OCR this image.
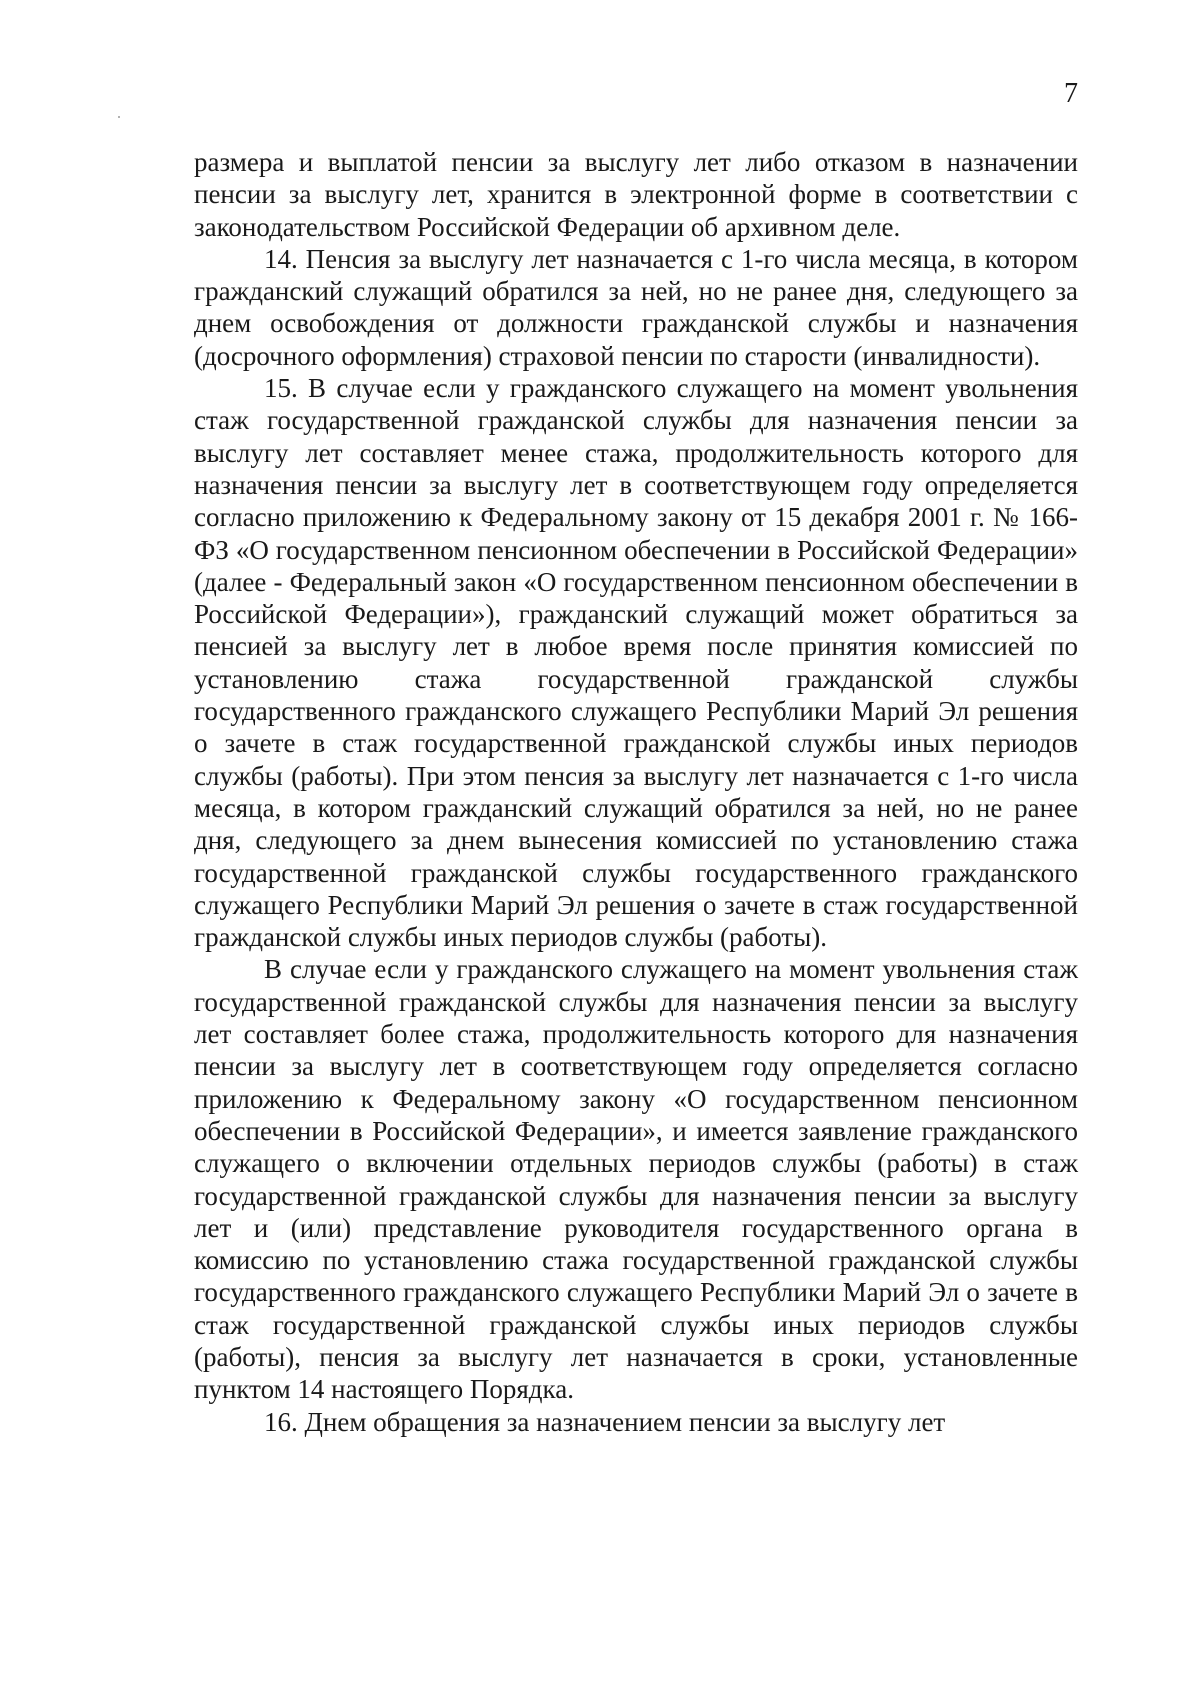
7

размера и выплатой пенсии за выслугу лет либо отказом в назначении пенсии за выслугу лет, хранится в электронной форме в соответствии с законодательством Российской Федерации об архивном деле.

14. Пенсия за выслугу лет назначается с 1-го числа месяца, в котором гражданский служащий обратился за ней, но не ранее дня, следующего за днем освобождения от должности гражданской службы и назначения (досрочного оформления) страховой пенсии по старости (инвалидности).

15. В случае если у гражданского служащего на момент увольнения стаж государственной гражданской службы для назначения пенсии за выслугу лет составляет менее стажа, продолжительность которого для назначения пенсии за выслугу лет в соответствующем году определяется согласно приложению к Федеральному закону от 15 декабря 2001 г. № 166-ФЗ «О государственном пенсионном обеспечении в Российской Федерации» (далее - Федеральный закон «О государственном пенсионном обеспечении в Российской Федерации»), гражданский служащий может обратиться за пенсией за выслугу лет в любое время после принятия комиссией по установлению стажа государственной гражданской службы государственного гражданского служащего Республики Марий Эл решения о зачете в стаж государственной гражданской службы иных периодов службы (работы). При этом пенсия за выслугу лет назначается с 1-го числа месяца, в котором гражданский служащий обратился за ней, но не ранее дня, следующего за днем вынесения комиссией по установлению стажа государственной гражданской службы государственного гражданского служащего Республики Марий Эл решения о зачете в стаж государственной гражданской службы иных периодов службы (работы).

В случае если у гражданского служащего на момент увольнения стаж государственной гражданской службы для назначения пенсии за выслугу лет составляет более стажа, продолжительность которого для назначения пенсии за выслугу лет в соответствующем году определяется согласно приложению к Федеральному закону «О государственном пенсионном обеспечении в Российской Федерации», и имеется заявление гражданского служащего о включении отдельных периодов службы (работы) в стаж государственной гражданской службы для назначения пенсии за выслугу лет и (или) представление руководителя государственного органа в комиссию по установлению стажа государственной гражданской службы государственного гражданского служащего Республики Марий Эл о зачете в стаж государственной гражданской службы иных периодов службы (работы), пенсия за выслугу лет назначается в сроки, установленные пунктом 14 настоящего Порядка.

16. Днем обращения за назначением пенсии за выслугу лет
